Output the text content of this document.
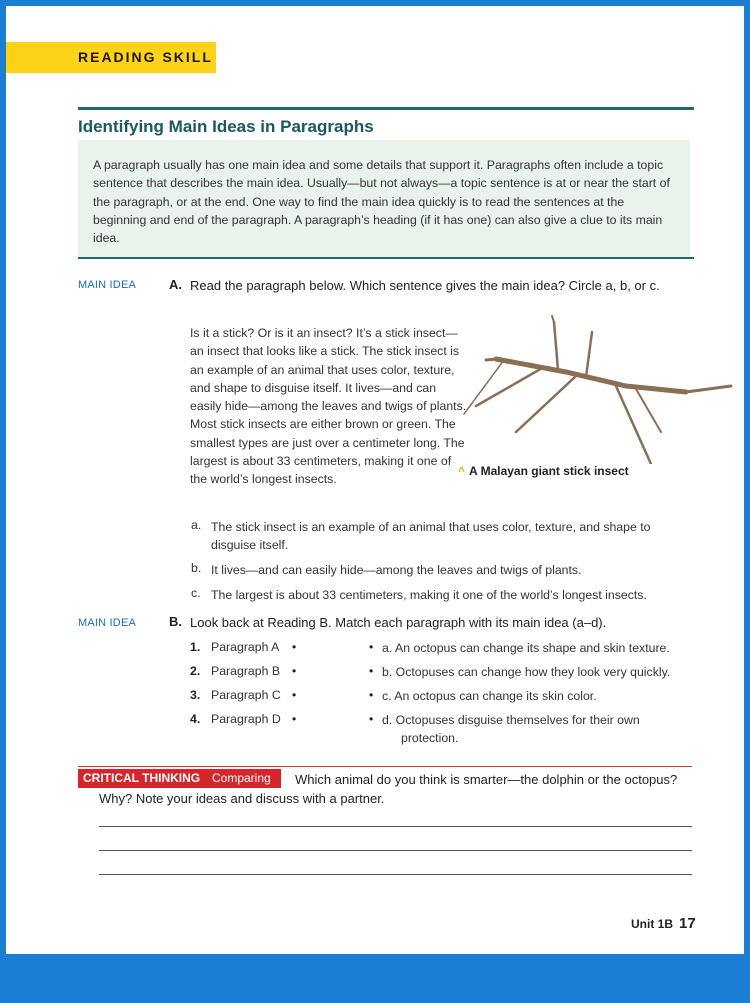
READING SKILL
Identifying Main Ideas in Paragraphs

A paragraph usually has one main idea and some details that support it. Paragraphs often include a topic sentence that describes the main idea. Usually—but not always—a topic sentence is at or near the start of the paragraph, or at the end. One way to find the main idea quickly is to read the sentences at the beginning and end of the paragraph. A paragraph’s heading (if it has one) can also give a clue to its main idea.

MAIN IDEA	A. Read the paragraph below. Which sentence gives the main idea? Circle a, b, or c.

Is it a stick? Or is it an insect? It’s a stick insect—an insect that looks like a stick. The stick insect is an example of an animal that uses color, texture, and shape to disguise itself. It lives—and can easily hide—among the leaves and twigs of plants. Most stick insects are either brown or green. The smallest types are just over a centimeter long. The largest is about 33 centimeters, making it one of the world’s longest insects.

^ A Malayan giant stick insect
a. The stick insect is an example of an animal that uses color, texture, and shape to disguise itself.

b. It lives—and can easily hide—among the leaves and twigs of plants.

c. The largest is about 33 centimeters, making it one of the world’s longest insects.

MAIN IDEA	B. Look back at Reading B. Match each paragraph with its main idea (a–d).
1. Paragraph A •	• a. An octopus can change its shape and skin texture.
2. Paragraph B •	• b. Octopuses can change how they look very quickly.
3. Paragraph C •	• c. An octopus can change its skin color.
4. Paragraph D •	• d. Octopuses disguise themselves for their own
protection.
CRITICAL THINKING Comparing	Which animal do you think is smarter—the dolphin or the octopus? Why? Note your ideas and discuss with a partner.

Unit 1B 17
